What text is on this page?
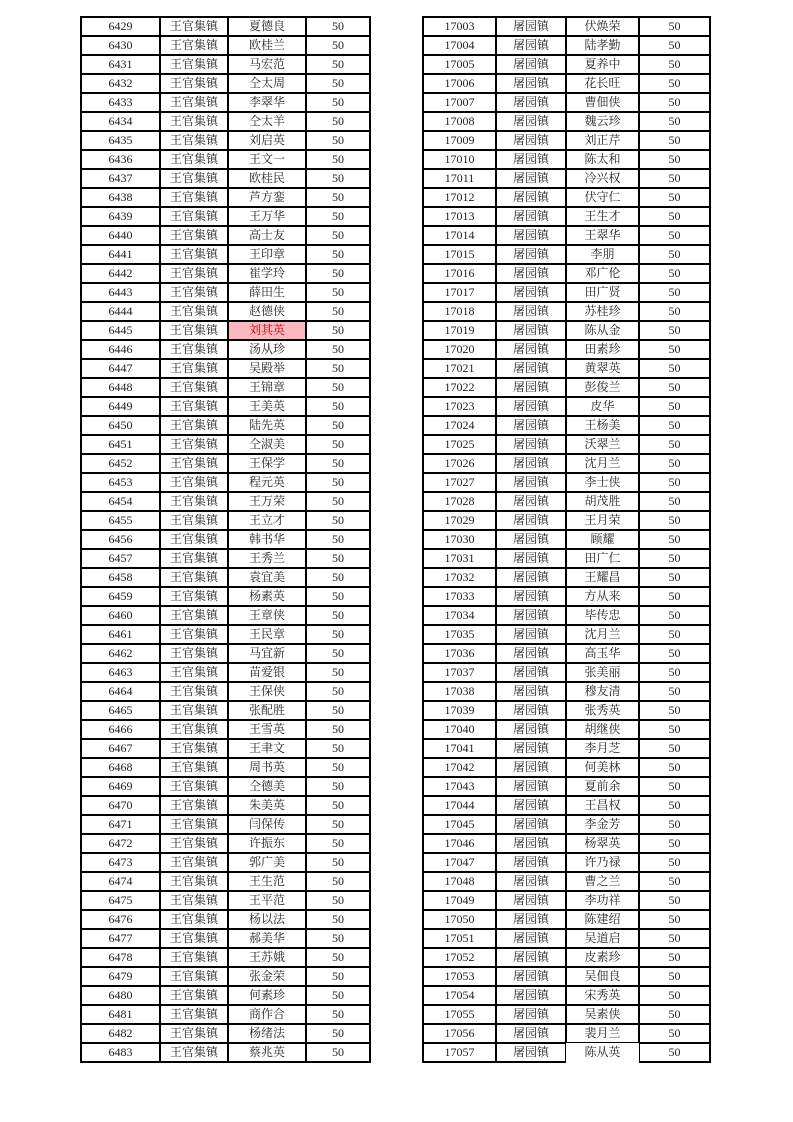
6429	王官集镇	夏德良	50
6430	王官集镇	欧桂兰	50
6431	王官集镇	马宏范	50
6432	王官集镇	仝太周	50
6433	王官集镇	李翠华	50
6434	王官集镇	仝太羊	50
6435	王官集镇	刘启英	50
6436	王官集镇	王文一	50
6437	王官集镇	欧桂民	50
6438	王官集镇	芦方銮	50
6439	王官集镇	王万华	50
6440	王官集镇	高士友	50
6441	王官集镇	王印章	50
6442	王官集镇	崔学玲	50
6443	王官集镇	薛田生	50
6444	王官集镇	赵德侠	50
6445	王官集镇	刘其英	50
6446	王官集镇	汤从珍	50
6447	王官集镇	吴殿举	50
6448	王官集镇	王锦章	50
6449	王官集镇	王美英	50
6450	王官集镇	陆先英	50
6451	王官集镇	仝淑美	50
6452	王官集镇	王保学	50
6453	王官集镇	程元英	50
6454	王官集镇	王万荣	50
6455	王官集镇	王立才	50
6456	王官集镇	韩书华	50
6457	王官集镇	王秀兰	50
6458	王官集镇	袁宜美	50
6459	王官集镇	杨素英	50
6460	王官集镇	王章侠	50
6461	王官集镇	王民章	50
6462	王官集镇	马宜新	50
6463	王官集镇	苗爱银	50
6464	王官集镇	王保侠	50
6465	王官集镇	张配胜	50
6466	王官集镇	王雪英	50
6467	王官集镇	王聿文	50
6468	王官集镇	周书英	50
6469	王官集镇	仝德美	50
6470	王官集镇	朱美英	50
6471	王官集镇	闫保传	50
6472	王官集镇	许振东	50
6473	王官集镇	郭广美	50
6474	王官集镇	王生范	50
6475	王官集镇	王平范	50
6476	王官集镇	杨以法	50
6477	王官集镇	郝美华	50
6478	王官集镇	王苏娥	50
6479	王官集镇	张金荣	50
6480	王官集镇	何素珍	50
6481	王官集镇	商作合	50
6482	王官集镇	杨绪法	50
6483	王官集镇	蔡兆英	50
17003	屠园镇	伏焕荣	50
17004	屠园镇	陆孝勤	50
17005	屠园镇	夏养中	50
17006	屠园镇	花长旺	50
17007	屠园镇	曹佃侠	50
17008	屠园镇	魏云珍	50
17009	屠园镇	刘正芹	50
17010	屠园镇	陈太和	50
17011	屠园镇	冷兴权	50
17012	屠园镇	伏守仁	50
17013	屠园镇	王生才	50
17014	屠园镇	王翠华	50
17015	屠园镇	李朋	50
17016	屠园镇	邓广伦	50
17017	屠园镇	田广贤	50
17018	屠园镇	苏桂珍	50
17019	屠园镇	陈从金	50
17020	屠园镇	田素珍	50
17021	屠园镇	黄翠英	50
17022	屠园镇	彭俊兰	50
17023	屠园镇	皮华	50
17024	屠园镇	王杨美	50
17025	屠园镇	沃翠兰	50
17026	屠园镇	沈月兰	50
17027	屠园镇	李士侠	50
17028	屠园镇	胡茂胜	50
17029	屠园镇	王月荣	50
17030	屠园镇	顾耀	50
17031	屠园镇	田广仁	50
17032	屠园镇	王耀昌	50
17033	屠园镇	方从来	50
17034	屠园镇	毕传忠	50
17035	屠园镇	沈月兰	50
17036	屠园镇	高玉华	50
17037	屠园镇	张美丽	50
17038	屠园镇	穆友清	50
17039	屠园镇	张秀英	50
17040	屠园镇	胡继侠	50
17041	屠园镇	李月芝	50
17042	屠园镇	何美林	50
17043	屠园镇	夏前余	50
17044	屠园镇	王昌权	50
17045	屠园镇	李金芳	50
17046	屠园镇	杨翠英	50
17047	屠园镇	许乃禄	50
17048	屠园镇	曹之兰	50
17049	屠园镇	李功祥	50
17050	屠园镇	陈建绍	50
17051	屠园镇	吴道启	50
17052	屠园镇	皮素珍	50
17053	屠园镇	吴佃良	50
17054	屠园镇	宋秀英	50
17055	屠园镇	吴素侠	50
17056	屠园镇	裴月兰	50
17057	屠园镇	陈从英	50
